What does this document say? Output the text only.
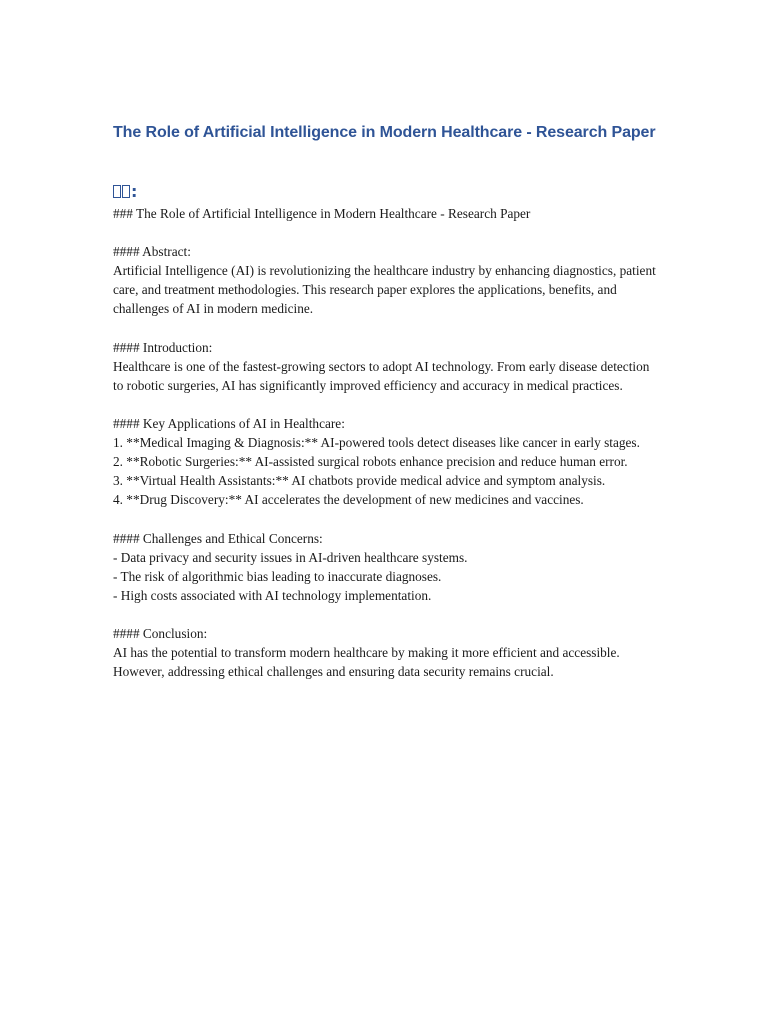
The Role of Artificial Intelligence in Modern Healthcare - Research Paper
:

### The Role of Artificial Intelligence in Modern Healthcare - Research Paper

#### Abstract:
Artificial Intelligence (AI) is revolutionizing the healthcare industry by enhancing diagnostics, patient care, and treatment methodologies. This research paper explores the applications, benefits, and challenges of AI in modern medicine.
#### Introduction:
Healthcare is one of the fastest-growing sectors to adopt AI technology. From early disease detection to robotic surgeries, AI has significantly improved efficiency and accuracy in medical practices.
#### Key Applications of AI in Healthcare:
1. **Medical Imaging & Diagnosis:** AI-powered tools detect diseases like cancer in early stages.
2. **Robotic Surgeries:** AI-assisted surgical robots enhance precision and reduce human error.
3. **Virtual Health Assistants:** AI chatbots provide medical advice and symptom analysis.
4. **Drug Discovery:** AI accelerates the development of new medicines and vaccines.
#### Challenges and Ethical Concerns:
- Data privacy and security issues in AI-driven healthcare systems.
- The risk of algorithmic bias leading to inaccurate diagnoses.
- High costs associated with AI technology implementation.
#### Conclusion:
AI has the potential to transform modern healthcare by making it more efficient and accessible. However, addressing ethical challenges and ensuring data security remains crucial.
